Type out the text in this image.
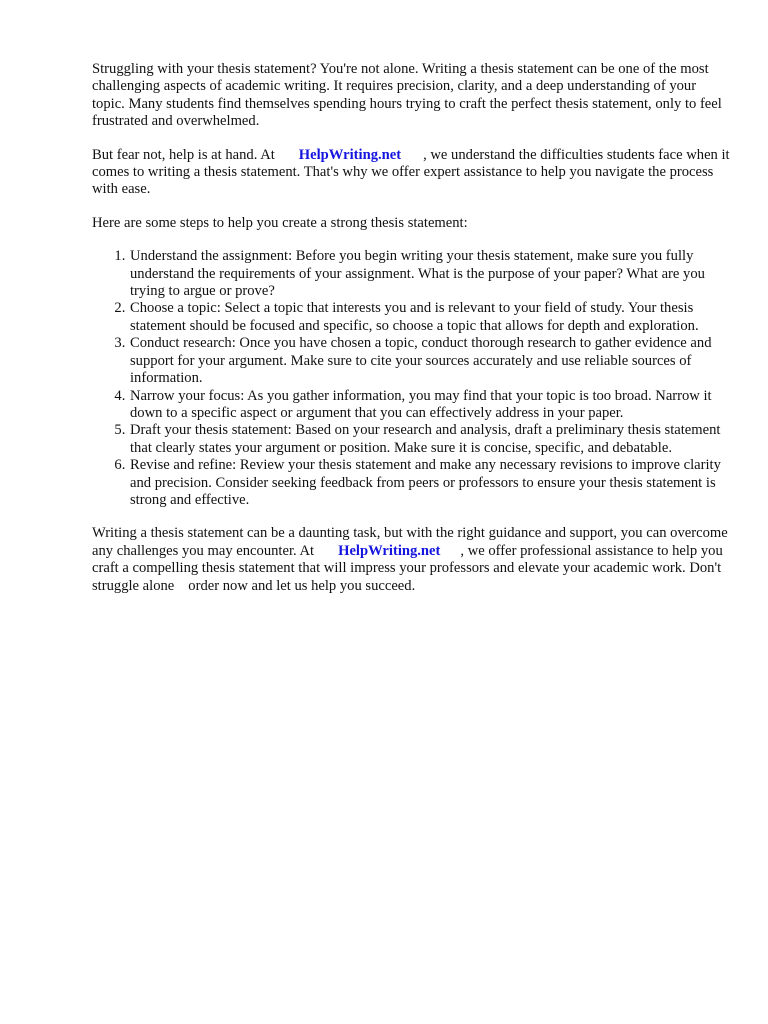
Struggling with your thesis statement? You're not alone. Writing a thesis statement can be one of the most challenging aspects of academic writing. It requires precision, clarity, and a deep understanding of your topic. Many students find themselves spending hours trying to craft the perfect thesis statement, only to feel frustrated and overwhelmed.

But fear not, help is at hand. At HelpWriting.net , we understand the difficulties students face when it comes to writing a thesis statement. That's why we offer expert assistance to help you navigate the process with ease.

Here are some steps to help you create a strong thesis statement:

1. Understand the assignment: Before you begin writing your thesis statement, make sure you fully understand the requirements of your assignment. What is the purpose of your paper? What are you trying to argue or prove?
2. Choose a topic: Select a topic that interests you and is relevant to your field of study. Your thesis statement should be focused and specific, so choose a topic that allows for depth and exploration.
3. Conduct research: Once you have chosen a topic, conduct thorough research to gather evidence and support for your argument. Make sure to cite your sources accurately and use reliable sources of information.
4. Narrow your focus: As you gather information, you may find that your topic is too broad. Narrow it down to a specific aspect or argument that you can effectively address in your paper.
5. Draft your thesis statement: Based on your research and analysis, draft a preliminary thesis statement that clearly states your argument or position. Make sure it is concise, specific, and debatable.
6. Revise and refine: Review your thesis statement and make any necessary revisions to improve clarity and precision. Consider seeking feedback from peers or professors to ensure your thesis statement is strong and effective.

Writing a thesis statement can be a daunting task, but with the right guidance and support, you can overcome any challenges you may encounter. At HelpWriting.net , we offer professional assistance to help you craft a compelling thesis statement that will impress your professors and elevate your academic work. Don't struggle alone order now and let us help you succeed.
